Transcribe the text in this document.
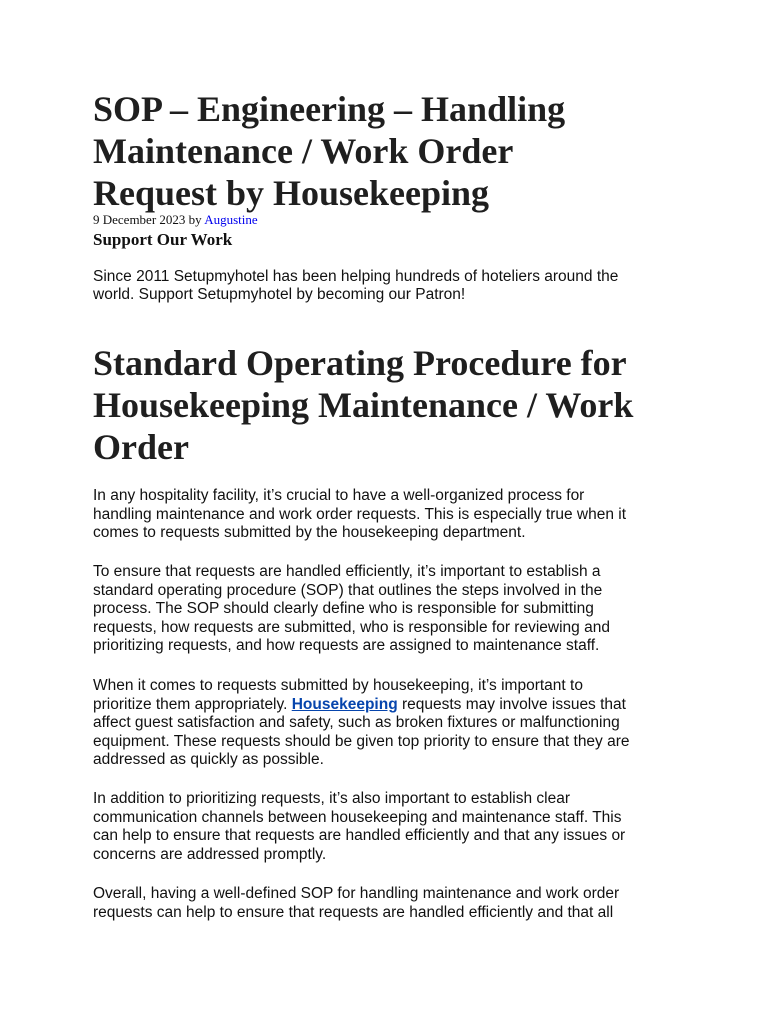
SOP – Engineering – Handling
Maintenance / Work Order
Request by Housekeeping
9 December 2023 by Augustine
Support Our Work

Since 2011 Setupmyhotel has been helping hundreds of hoteliers around the
world. Support Setupmyhotel by becoming our Patron!

Standard Operating Procedure for
Housekeeping Maintenance / Work
Order

In any hospitality facility, it’s crucial to have a well-organized process for
handling maintenance and work order requests. This is especially true when it
comes to requests submitted by the housekeeping department.

To ensure that requests are handled efficiently, it’s important to establish a
standard operating procedure (SOP) that outlines the steps involved in the
process. The SOP should clearly define who is responsible for submitting
requests, how requests are submitted, who is responsible for reviewing and
prioritizing requests, and how requests are assigned to maintenance staff.

When it comes to requests submitted by housekeeping, it’s important to
prioritize them appropriately. Housekeeping requests may involve issues that
affect guest satisfaction and safety, such as broken fixtures or malfunctioning
equipment. These requests should be given top priority to ensure that they are
addressed as quickly as possible.

In addition to prioritizing requests, it’s also important to establish clear
communication channels between housekeeping and maintenance staff. This
can help to ensure that requests are handled efficiently and that any issues or
concerns are addressed promptly.

Overall, having a well-defined SOP for handling maintenance and work order
requests can help to ensure that requests are handled efficiently and that all
